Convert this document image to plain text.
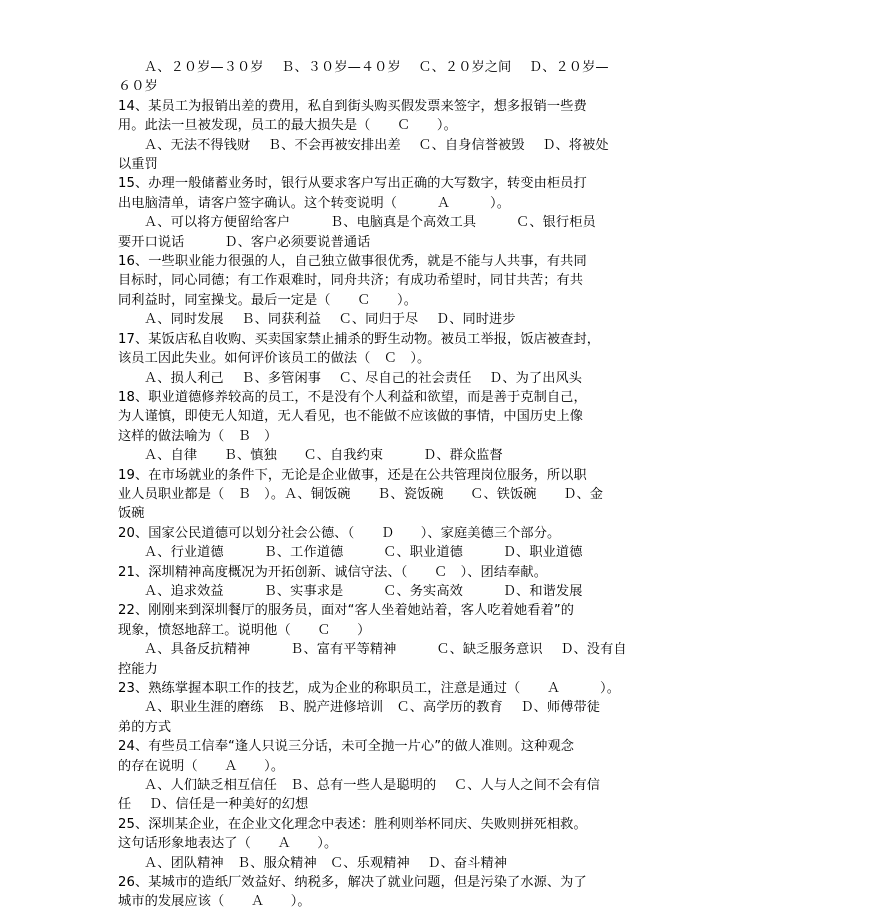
Ａ、２０岁—３０岁　 Ｂ、３０岁—４０岁　 Ｃ、２０岁之间　 Ｄ、２０岁—
６０岁
14、某员工为报销出差的费用，私自到街头购买假发票来签字，想多报销一些费
用。此法一旦被发现，员工的最大损失是（　　Ｃ　　）。
Ａ、无法不得钱财　 Ｂ、不会再被安排出差　 Ｃ、自身信誉被毁　 Ｄ、将被处
以重罚
15、办理一般储蓄业务时，银行从要求客户写出正确的大写数字，转变由柜员打
出电脑清单，请客户签字确认。这个转变说明（　　　Ａ　　　）。
Ａ、可以将方便留给客户　　　Ｂ、电脑真是个高效工具　　　Ｃ、银行柜员
要开口说话　　　Ｄ、客户必须要说普通话
16、一些职业能力很强的人，自己独立做事很优秀，就是不能与人共事，有共同
目标时，同心同德；有工作艰难时，同舟共济；有成功希望时，同甘共苦；有共
同利益时，同室操戈。最后一定是（　　Ｃ　　）。
Ａ、同时发展　 Ｂ、同获利益　 Ｃ、同归于尽　 Ｄ、同时进步
17、某饭店私自收购、买卖国家禁止捕杀的野生动物。被员工举报，饭店被查封，
该员工因此失业。如何评价该员工的做法（　Ｃ　）。
Ａ、损人利己　 Ｂ、多管闲事　 Ｃ、尽自己的社会责任　 Ｄ、为了出风头
18、职业道德修养较高的员工，不是没有个人利益和欲望，而是善于克制自己，
为人谨慎，即使无人知道，无人看见，也不能做不应该做的事情，中国历史上像
这样的做法喻为（　Ｂ　）
Ａ、自律　　Ｂ、慎独　　Ｃ、自我约束　　　Ｄ、群众监督
19、在市场就业的条件下，无论是企业做事，还是在公共管理岗位服务，所以职
业人员职业都是（　Ｂ　）。Ａ、铜饭碗　　Ｂ、瓷饭碗　　Ｃ、铁饭碗　　Ｄ、金
饭碗
20、国家公民道德可以划分社会公德、（　　Ｄ　　）、家庭美德三个部分。
Ａ、行业道德　　　Ｂ、工作道德　　　Ｃ、职业道德　　　Ｄ、职业道德
21、深圳精神高度概况为开拓创新、诚信守法、（　　Ｃ　）、团结奉献。
Ａ、追求效益　　　Ｂ、实事求是　　　Ｃ、务实高效　　　Ｄ、和谐发展
22、刚刚来到深圳餐厅的服务员，面对“客人坐着她站着，客人吃着她看着”的
现象，愤怒地辞工。说明他（　　Ｃ　　）
Ａ、具备反抗精神　　　Ｂ、富有平等精神　　　Ｃ、缺乏服务意识　 Ｄ、没有自
控能力
23、熟练掌握本职工作的技艺，成为企业的称职员工，注意是通过（　　Ａ　　　）。
Ａ、职业生涯的磨练　Ｂ、脱产进修培训　Ｃ、高学历的教育　 Ｄ、师傅带徒
弟的方式
24、有些员工信奉“逢人只说三分话，未可全抛一片心”的做人准则。这种观念
的存在说明（　　Ａ　　）。
Ａ、人们缺乏相互信任　Ｂ、总有一些人是聪明的　 Ｃ、人与人之间不会有信
任　 Ｄ、信任是一种美好的幻想
25、深圳某企业，在企业文化理念中表述：胜利则举杯同庆、失败则拼死相救。
这句话形象地表达了（　　Ａ　　）。
Ａ、团队精神　Ｂ、服众精神　Ｃ、乐观精神　 Ｄ、奋斗精神
26、某城市的造纸厂效益好、纳税多，解决了就业问题，但是污染了水源、为了
城市的发展应该（　　Ａ　　）。
